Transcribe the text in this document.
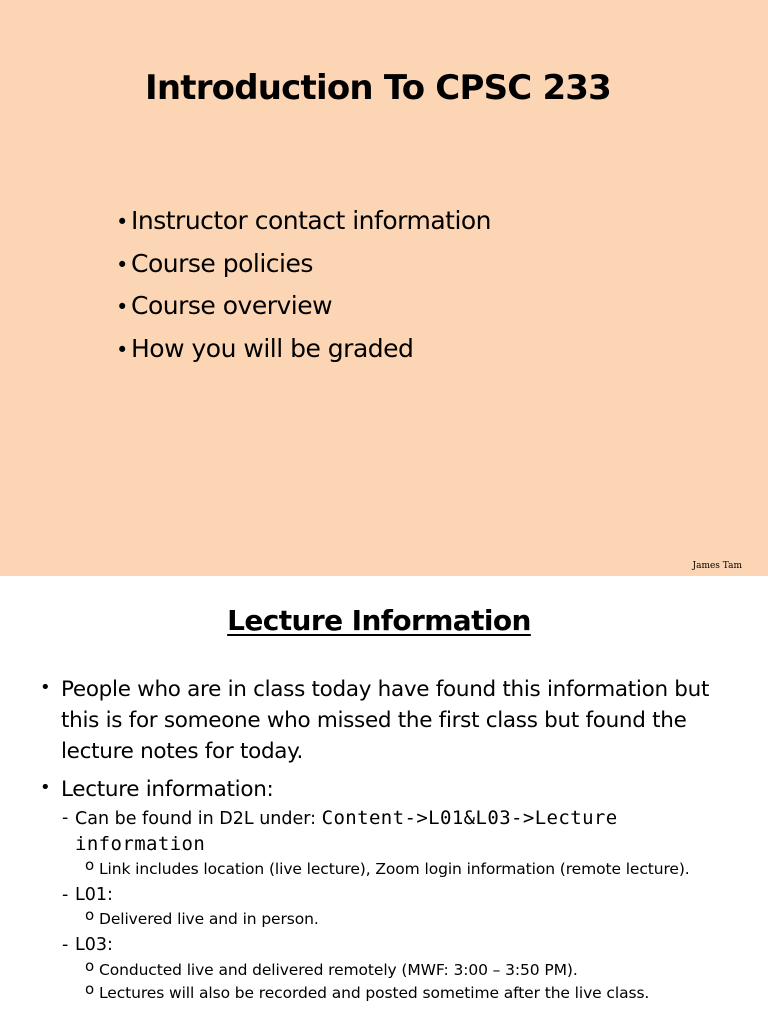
Introduction To CPSC 233
• Instructor contact information
• Course policies
• Course overview
• How you will be graded
James Tam
Lecture Information
• People who are in class today have found this information but this is for someone who missed the first class but found the lecture notes for today.
• Lecture information:
- Can be found in D2L under: Content->L01&L03->Lecture information
o Link includes location (live lecture), Zoom login information (remote lecture).
- L01:
o Delivered live and in person.
- L03:
o Conducted live and delivered remotely (MWF: 3:00 – 3:50 PM).
o Lectures will also be recorded and posted sometime after the live class.
